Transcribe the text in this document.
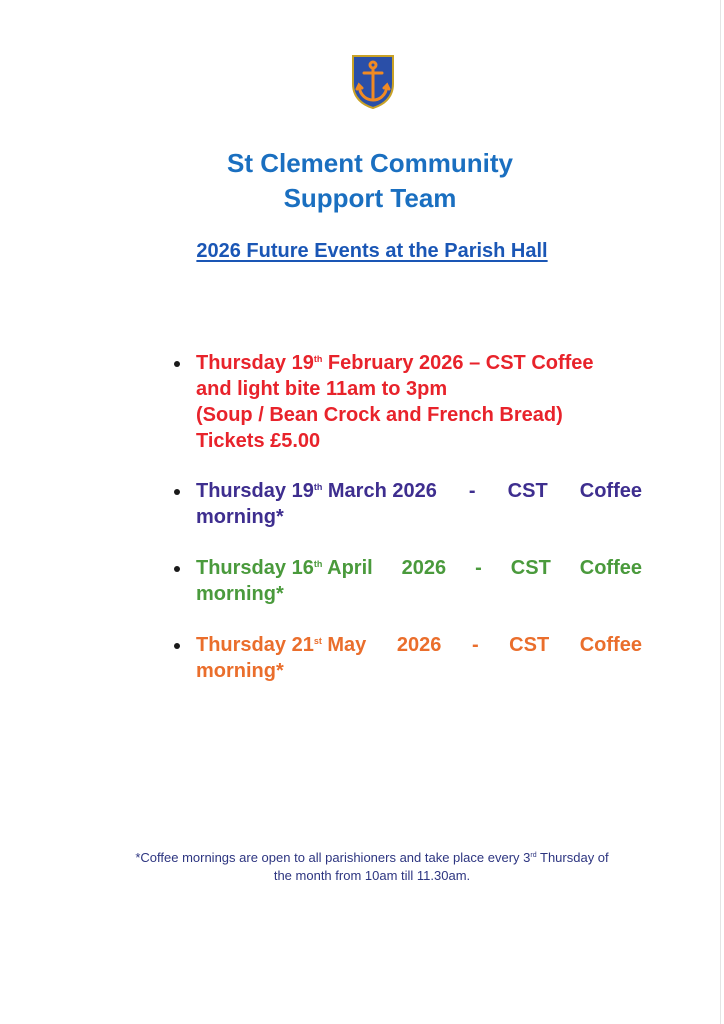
St Clement Community
Support Team

2026 Future Events at the Parish Hall

Thursday 19th February 2026 – CST Coffee
and light bite 11am to 3pm
(Soup / Bean Crock and French Bread)
Tickets £5.00
Thursday 19th March 2026 - CST Coffee
morning*
Thursday 16th April 2026 - CST Coffee
morning*
Thursday 21st May 2026 - CST Coffee
morning*

*Coffee mornings are open to all parishioners and take place every 3rd Thursday of
the month from 10am till 11.30am.
